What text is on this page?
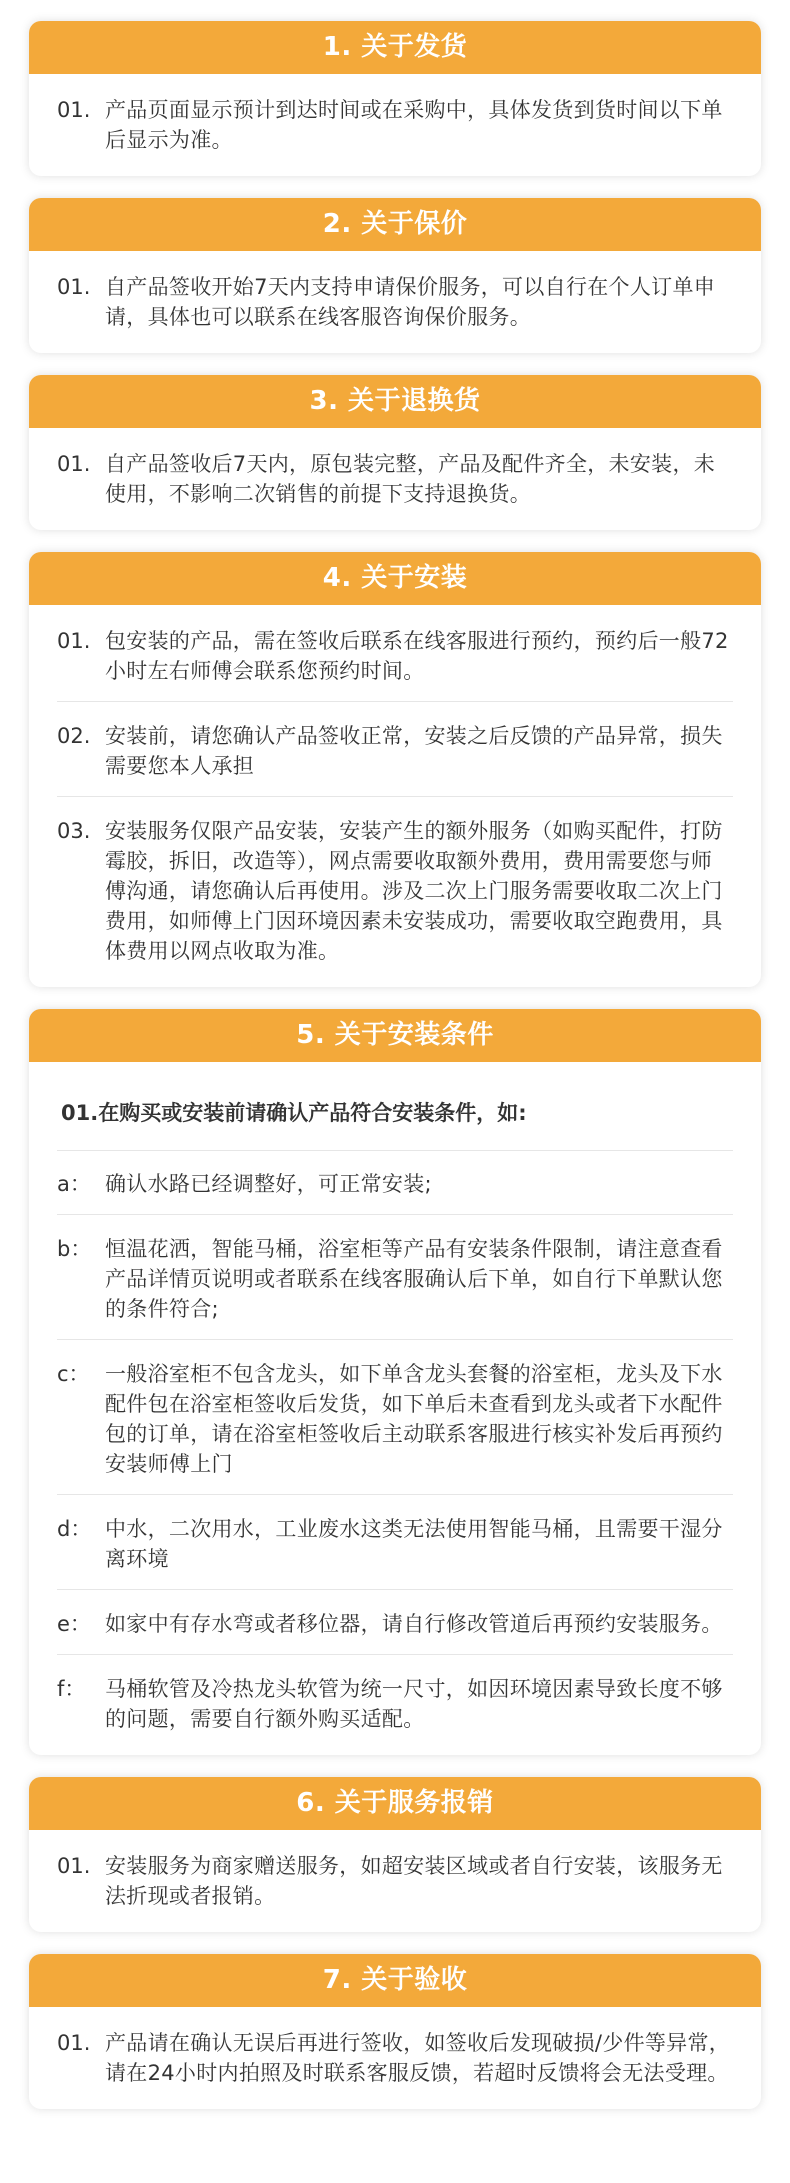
1. 关于发货
01. 产品页面显示预计到达时间或在采购中，具体发货到货时间以下单后显示为准。
2. 关于保价
01. 自产品签收开始7天内支持申请保价服务，可以自行在个人订单申请，具体也可以联系在线客服咨询保价服务。
3. 关于退换货
01. 自产品签收后7天内，原包装完整，产品及配件齐全，未安装，未使用，不影响二次销售的前提下支持退换货。
4. 关于安装
01. 包安装的产品，需在签收后联系在线客服进行预约，预约后一般72小时左右师傅会联系您预约时间。
02. 安装前，请您确认产品签收正常，安装之后反馈的产品异常，损失需要您本人承担
03. 安装服务仅限产品安装，安装产生的额外服务（如购买配件，打防霉胶，拆旧，改造等），网点需要收取额外费用，费用需要您与师傅沟通，请您确认后再使用。涉及二次上门服务需要收取二次上门费用，如师傅上门因环境因素未安装成功，需要收取空跑费用，具体费用以网点收取为准。
5. 关于安装条件
01.在购买或安装前请确认产品符合安装条件，如:
a： 确认水路已经调整好，可正常安装;
b： 恒温花洒，智能马桶，浴室柜等产品有安装条件限制，请注意查看产品详情页说明或者联系在线客服确认后下单，如自行下单默认您的条件符合;
c： 一般浴室柜不包含龙头，如下单含龙头套餐的浴室柜，龙头及下水配件包在浴室柜签收后发货，如下单后未查看到龙头或者下水配件包的订单，请在浴室柜签收后主动联系客服进行核实补发后再预约安装师傅上门
d： 中水，二次用水，工业废水这类无法使用智能马桶，且需要干湿分离环境
e： 如家中有存水弯或者移位器，请自行修改管道后再预约安装服务。
f： 马桶软管及冷热龙头软管为统一尺寸，如因环境因素导致长度不够的问题，需要自行额外购买适配。
6. 关于服务报销
01. 安装服务为商家赠送服务，如超安装区域或者自行安装，该服务无法折现或者报销。
7. 关于验收
01. 产品请在确认无误后再进行签收，如签收后发现破损/少件等异常，请在24小时内拍照及时联系客服反馈，若超时反馈将会无法受理。
